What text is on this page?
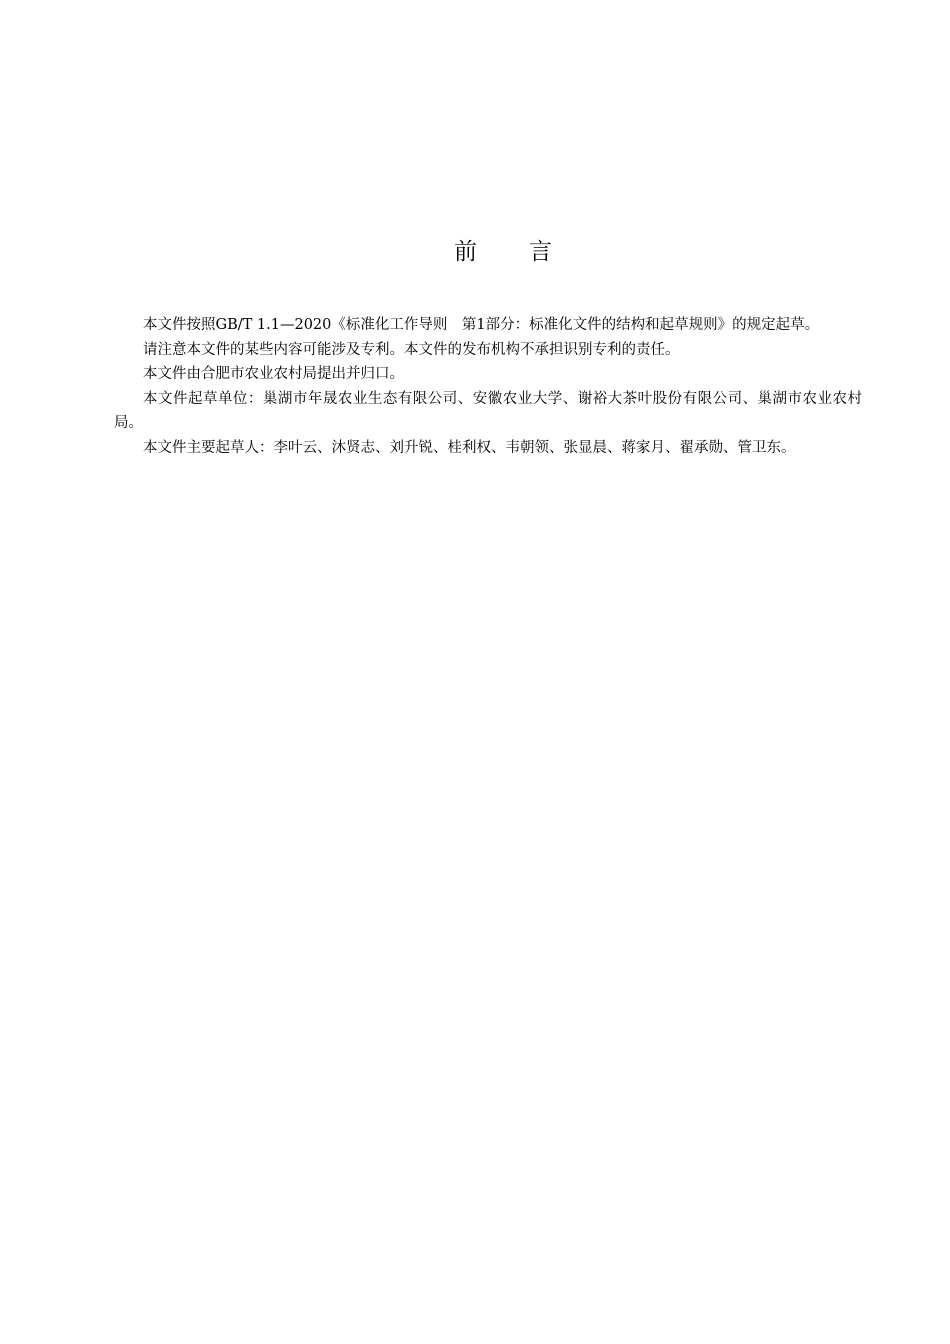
前 言

本文件按照GB/T 1.1—2020《标准化工作导则　第1部分：标准化文件的结构和起草规则》的规定起草。

请注意本文件的某些内容可能涉及专利。本文件的发布机构不承担识别专利的责任。

本文件由合肥市农业农村局提出并归口。

本文件起草单位：巢湖市年晟农业生态有限公司、安徽农业大学、谢裕大茶叶股份有限公司、巢湖市农业农村局。

本文件主要起草人：李叶云、沐贤志、刘升锐、桂利权、韦朝领、张显晨、蒋家月、翟承勋、管卫东。
